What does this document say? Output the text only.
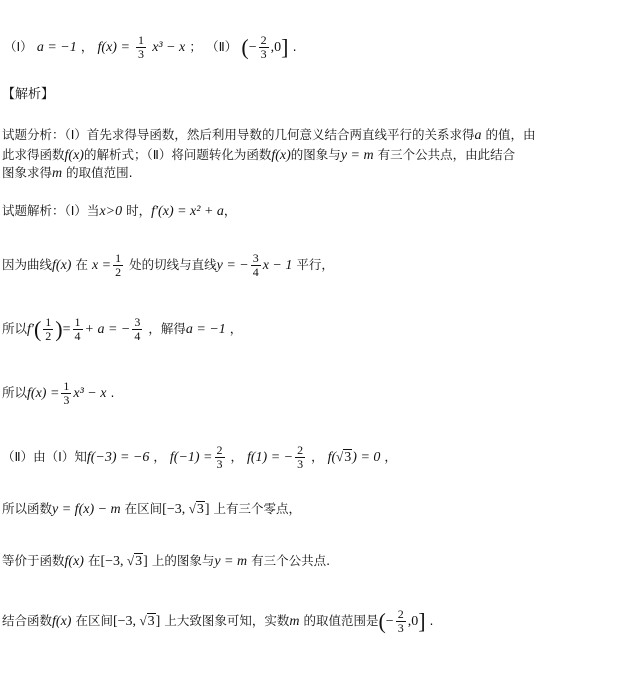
（Ⅰ） a = −1 ， $f(x) = \frac{1}{3} x^3 - x$ ； （Ⅱ） (− $\frac{2}{3} ,0$] .
【解析】
试题分析：（Ⅰ）首先求得导函数，然后利用导数的几何意义结合两直线平行的关系求得a 的值，由
此求得函数f(x)的解析式；（Ⅱ）将问题转化为函数f(x)的图象与y = m 有三个公共点，由此结合
图象求得m 的取值范围.
试题解析：（Ⅰ）当x>0 时，f′(x) = x² + a，
因为曲线f(x) 在 $x = \frac{1}{2}$ 处的切线与直线y = − $\frac{3}{4}$ x − 1 平行，
所以$f'( \frac{1}{2}$ )= $\frac{1}{4} + a$ = − $\frac{3}{4}$ ，解得a = −1 ，
所以$f(x) = \frac{1}{3} x^3 - x$ .
（Ⅱ）由（Ⅰ）知f(−3) = −6 ， $f(-1) = \frac{2}{3}$ ， f(1) = − $\frac{2}{3}$ ， f(√3) = 0 ，
所以函数y = f(x) − m 在区间[−3, √3] 上有三个零点，
等价于函数f(x) 在[−3, √3] 上的图象与y = m 有三个公共点.
结合函数f(x) 在区间[−3, √3] 上大致图象可知，实数m 的取值范围是(− $\frac{2}{3} ,0$] .
